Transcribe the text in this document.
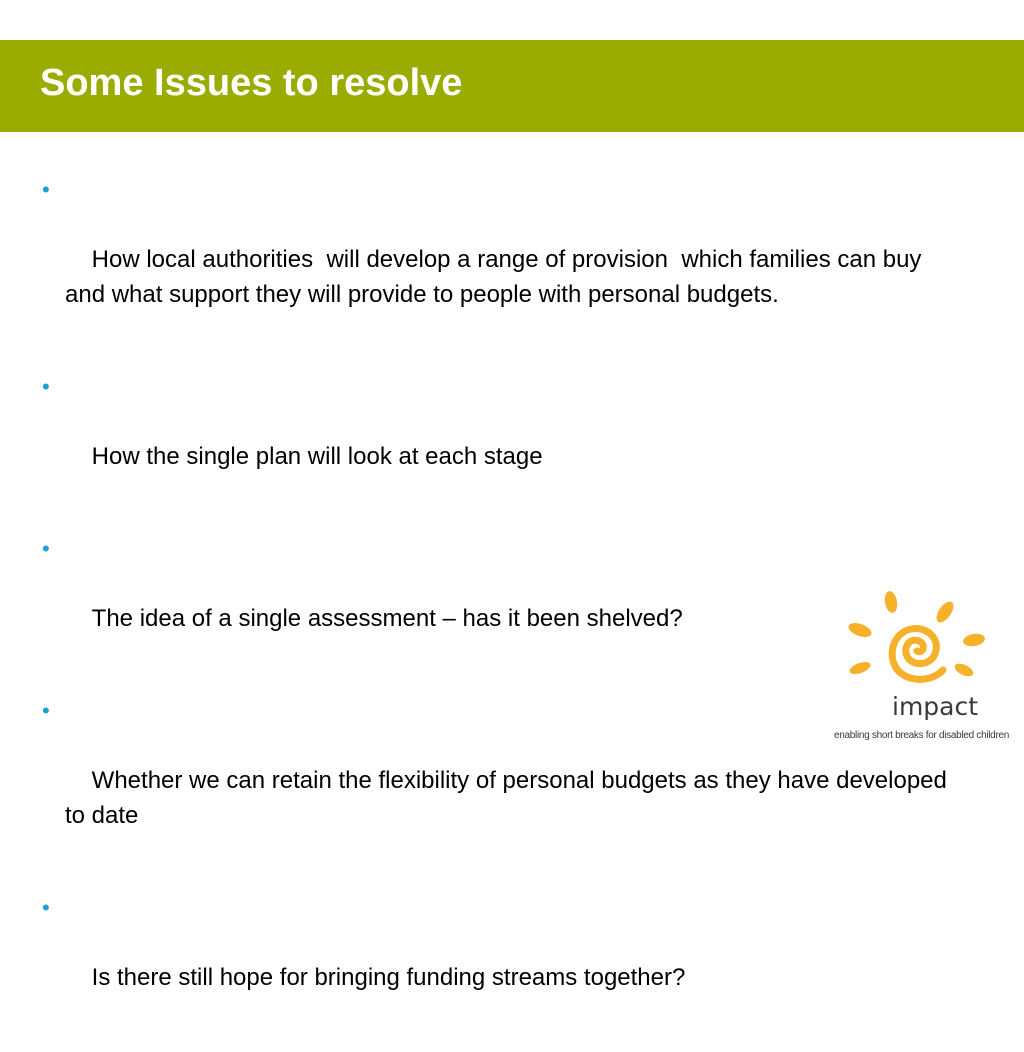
Some Issues to resolve

•

How local authorities  will develop a range of provision  which families can buy and what support they will provide to people with personal budgets.

•

How the single plan will look at each stage

•

The idea of a single assessment – has it been shelved?

•

Whether we can retain the flexibility of personal budgets as they have developed to date

•

Is there still hope for bringing funding streams together?

impact
enabling short breaks for disabled children
